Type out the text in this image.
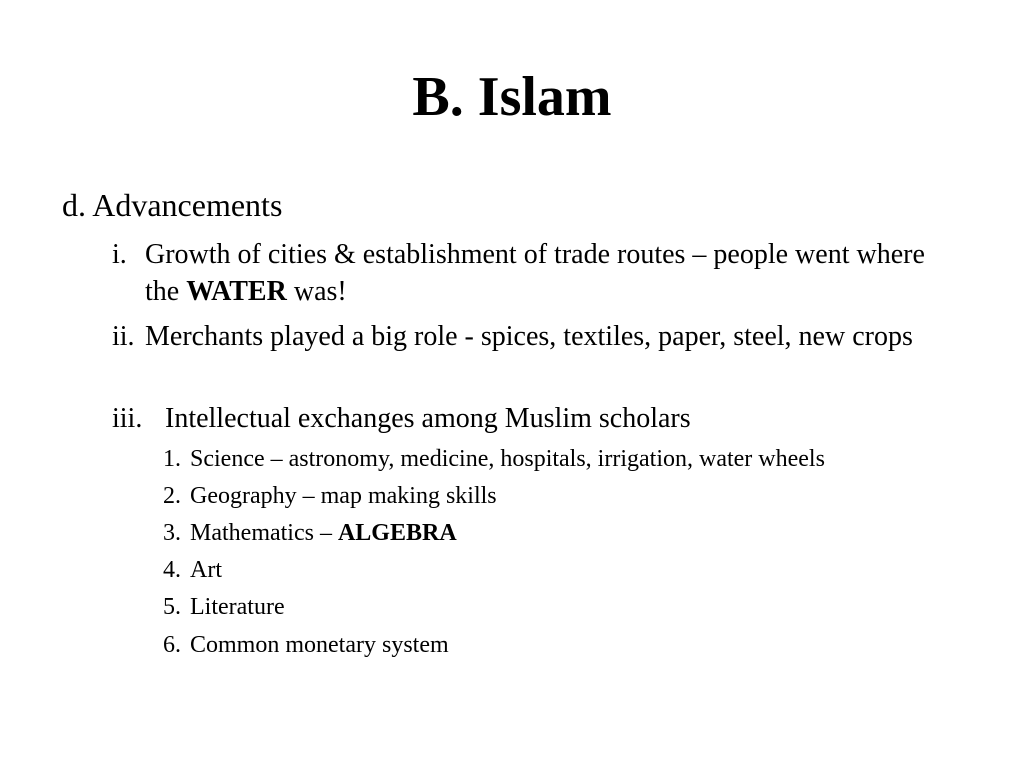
B. Islam
d. Advancements
i. Growth of cities & establishment of trade routes – people went where the WATER was!
ii. Merchants played a big role - spices, textiles, paper, steel, new crops
iii. Intellectual exchanges among Muslim scholars
1. Science – astronomy, medicine, hospitals, irrigation, water wheels
2. Geography – map making skills
3. Mathematics – ALGEBRA
4. Art
5. Literature
6. Common monetary system
